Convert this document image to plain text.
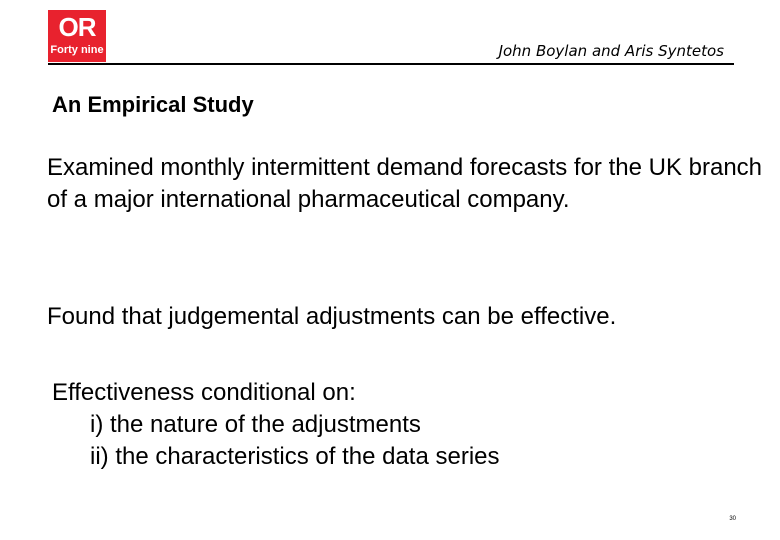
OR
Forty nine	John Boylan and Aris Syntetos
An Empirical Study
Examined monthly intermittent demand forecasts for the UK branch of a major international pharmaceutical company.
Found that judgemental adjustments can be effective.
Effectiveness conditional on:
i) the nature of the adjustments
ii) the characteristics of the data series
30
